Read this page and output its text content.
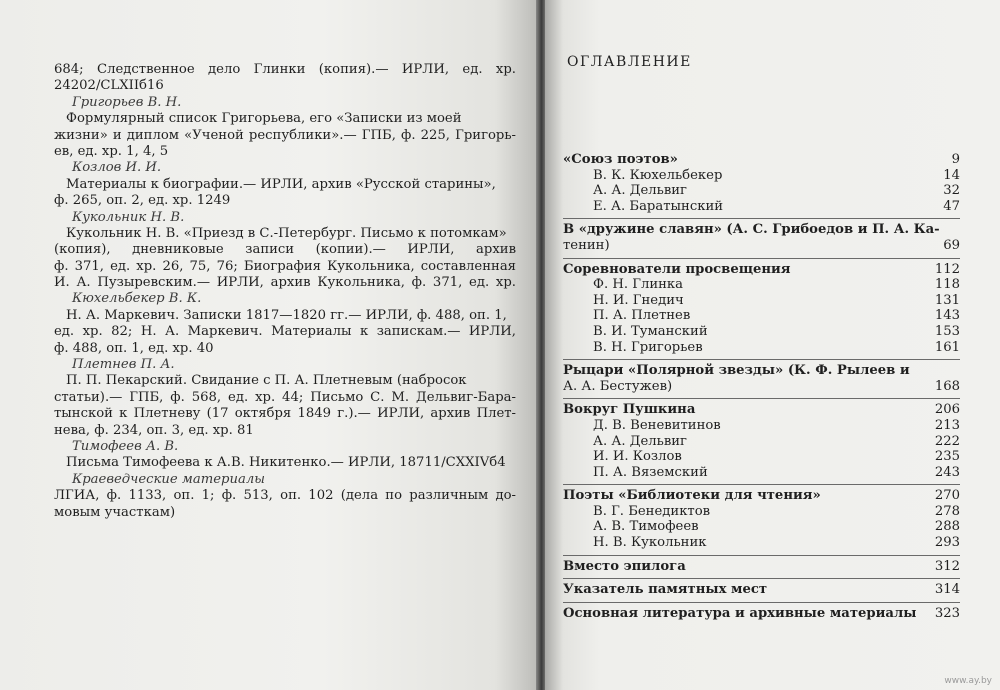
684; Следственное дело Глинки (копия).— ИРЛИ, ед. хр.
24202/CLXIIб16
Григорьев В. Н.
Формулярный список Григорьева, его «Записки из моей
жизни» и диплом «Ученой республики».— ГПБ, ф. 225, Григорь-
ев, ед. хр. 1, 4, 5
Козлов И. И.
Материалы к биографии.— ИРЛИ, архив «Русской старины»,
ф. 265, оп. 2, ед. хр. 1249
Кукольник Н. В.
Кукольник Н. В. «Приезд в С.-Петербург. Письмо к потомкам»
(копия), дневниковые записи (копии).— ИРЛИ, архив
ф. 371, ед. хр. 26, 75, 76; Биография Кукольника, составленная
И. А. Пузыревским.— ИРЛИ, архив Кукольника, ф. 371, ед. хр.
Кюхельбекер В. К.
Н. А. Маркевич. Записки 1817—1820 гг.— ИРЛИ, ф. 488, оп. 1,
ед. хр. 82; Н. А. Маркевич. Материалы к запискам.— ИРЛИ,
ф. 488, оп. 1, ед. хр. 40
Плетнев П. А.
П. П. Пекарский. Свидание с П. А. Плетневым (набросок
статьи).— ГПБ, ф. 568, ед. хр. 44; Письмо С. М. Дельвиг-Бара-
тынской к Плетневу (17 октября 1849 г.).— ИРЛИ, архив Плет-
нева, ф. 234, оп. 3, ед. хр. 81
Тимофеев А. В.
Письма Тимофеева к А.В. Никитенко.— ИРЛИ, 18711/CXXIVб4
Краеведческие материалы
ЛГИА, ф. 1133, оп. 1; ф. 513, оп. 102 (дела по различным до-
мовым участкам)
ОГЛАВЛЕНИЕ
«Союз поэтов»	9
В. К. Кюхельбекер	14
А. А. Дельвиг	32
Е. А. Баратынский	47
В «дружине славян» (А. С. Грибоедов и П. А. Ка-
тенин)	69
Соревнователи просвещения	112
Ф. Н. Глинка	118
Н. И. Гнедич	131
П. А. Плетнев	143
В. И. Туманский	153
В. Н. Григорьев	161
Рыцари «Полярной звезды» (К. Ф. Рылеев и
А. А. Бестужев)	168
Вокруг Пушкина	206
Д. В. Веневитинов	213
А. А. Дельвиг	222
И. И. Козлов	235
П. А. Вяземский	243
Поэты «Библиотеки для чтения»	270
В. Г. Бенедиктов	278
А. В. Тимофеев	288
Н. В. Кукольник	293
Вместо эпилога	312
Указатель памятных мест	314
Основная литература и архивные материалы 323
www.ay.by
